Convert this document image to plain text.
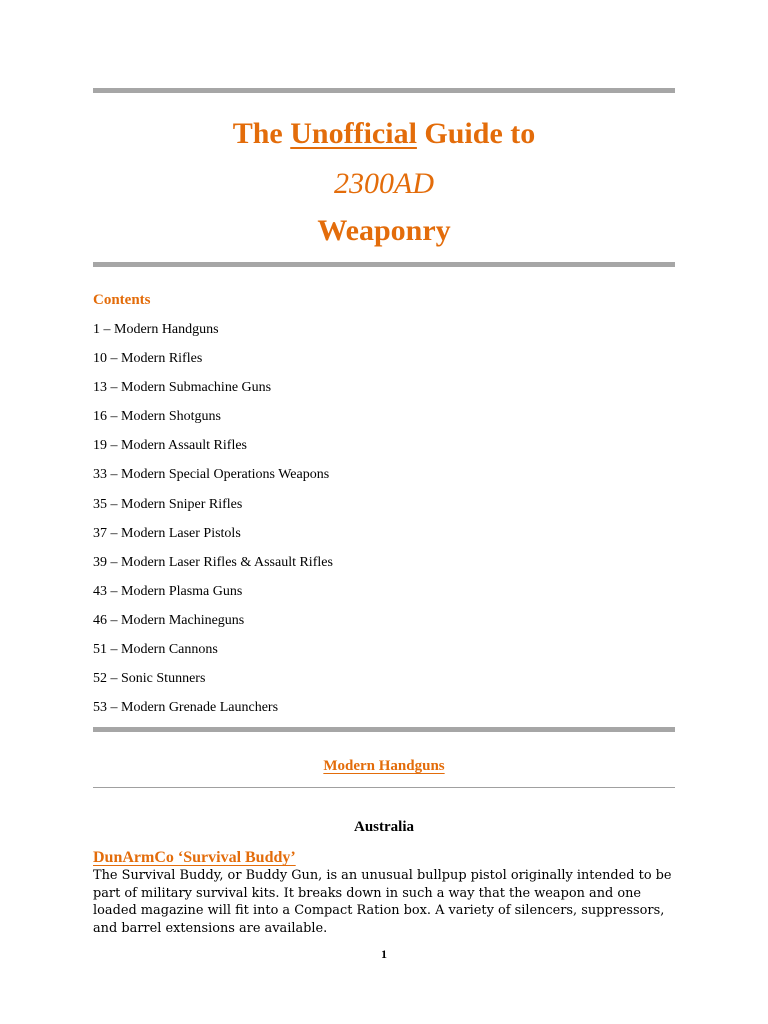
The Unofficial Guide to
2300AD
Weaponry
Contents
1 – Modern Handguns
10 – Modern Rifles
13 – Modern Submachine Guns
16 – Modern Shotguns
19 – Modern Assault Rifles
33 – Modern Special Operations Weapons
35 – Modern Sniper Rifles
37 – Modern Laser Pistols
39 – Modern Laser Rifles & Assault Rifles
43 – Modern Plasma Guns
46 – Modern Machineguns
51 – Modern Cannons
52 – Sonic Stunners
53 – Modern Grenade Launchers
Modern Handguns
Australia
DunArmCo ‘Survival Buddy’

The Survival Buddy, or Buddy Gun, is an unusual bullpup pistol originally intended to be part of military survival kits. It breaks down in such a way that the weapon and one loaded magazine will fit into a Compact Ration box. A variety of silencers, suppressors, and barrel extensions are available.

1
